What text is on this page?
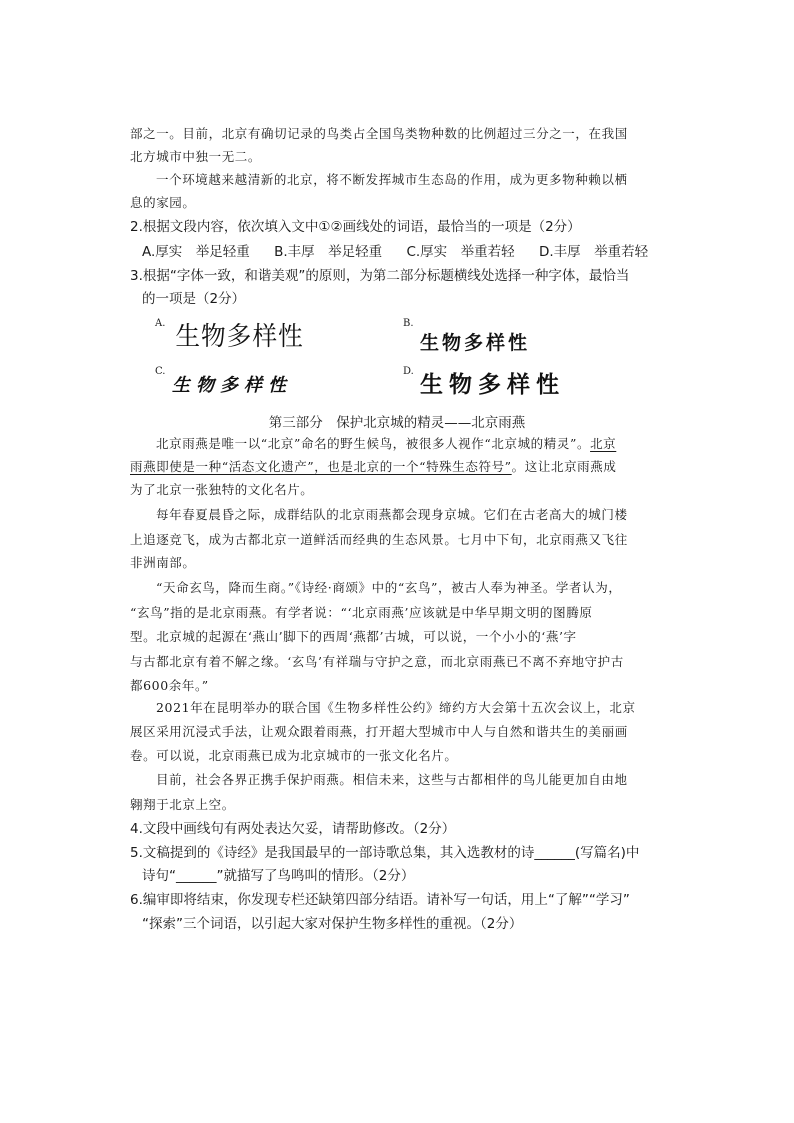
部之一。目前，北京有确切记录的鸟类占全国鸟类物种数的比例超过三分之一，在我国
北方城市中独一无二。
一个环境越来越清新的北京，将不断发挥城市生态岛的作用，成为更多物种赖以栖
息的家园。
2.根据文段内容，依次填入文中①②画线处的词语，最恰当的一项是（2分）
A.厚实　举足轻重 B.丰厚　举足轻重 C.厚实　举重若轻 D.丰厚　举重若轻
3.根据“字体一致，和谐美观”的原则，为第二部分标题横线处选择一种字体，最恰当
的一项是（2分）
A. 生物多样性	B.
生物多样性
C.
生物多样性
D. 生物多样性
第三部分　保护北京城的精灵——北京雨燕
北京雨燕是唯一以“北京”命名的野生候鸟，被很多人视作“北京城的精灵”。北京
雨燕即使是一种“活态文化遗产”，也是北京的一个“特殊生态符号”。这让北京雨燕成
为了北京一张独特的文化名片。
每年春夏晨昏之际，成群结队的北京雨燕都会现身京城。它们在古老高大的城门楼
上追逐竞飞，成为古都北京一道鲜活而经典的生态风景。七月中下旬，北京雨燕又飞往
非洲南部。
“天命玄鸟，降而生商。”《诗经·商颂》中的“玄鸟”，被古人奉为神圣。学者认为，
“玄鸟”指的是北京雨燕。有学者说：“‘北京雨燕’应该就是中华早期文明的图腾原
型。北京城的起源在‘燕山’脚下的西周‘燕都’古城，可以说，一个小小的‘燕’字
与古都北京有着不解之缘。‘玄鸟’有祥瑞与守护之意，而北京雨燕已不离不弃地守护古
都600余年。”
2021年在昆明举办的联合国《生物多样性公约》缔约方大会第十五次会议上，北京
展区采用沉浸式手法，让观众跟着雨燕，打开超大型城市中人与自然和谐共生的美丽画
卷。可以说，北京雨燕已成为北京城市的一张文化名片。
目前，社会各界正携手保护雨燕。相信未来，这些与古都相伴的鸟儿能更加自由地
翱翔于北京上空。
4.文段中画线句有两处表达欠妥，请帮助修改。（2分）
5.文稿提到的《诗经》是我国最早的一部诗歌总集，其入选教材的诗______(写篇名)中
诗句“______”就描写了鸟鸣叫的情形。（2分）
6.编审即将结束，你发现专栏还缺第四部分结语。请补写一句话，用上“了解”“学习”
“探索”三个词语，以引起大家对保护生物多样性的重视。（2分）
